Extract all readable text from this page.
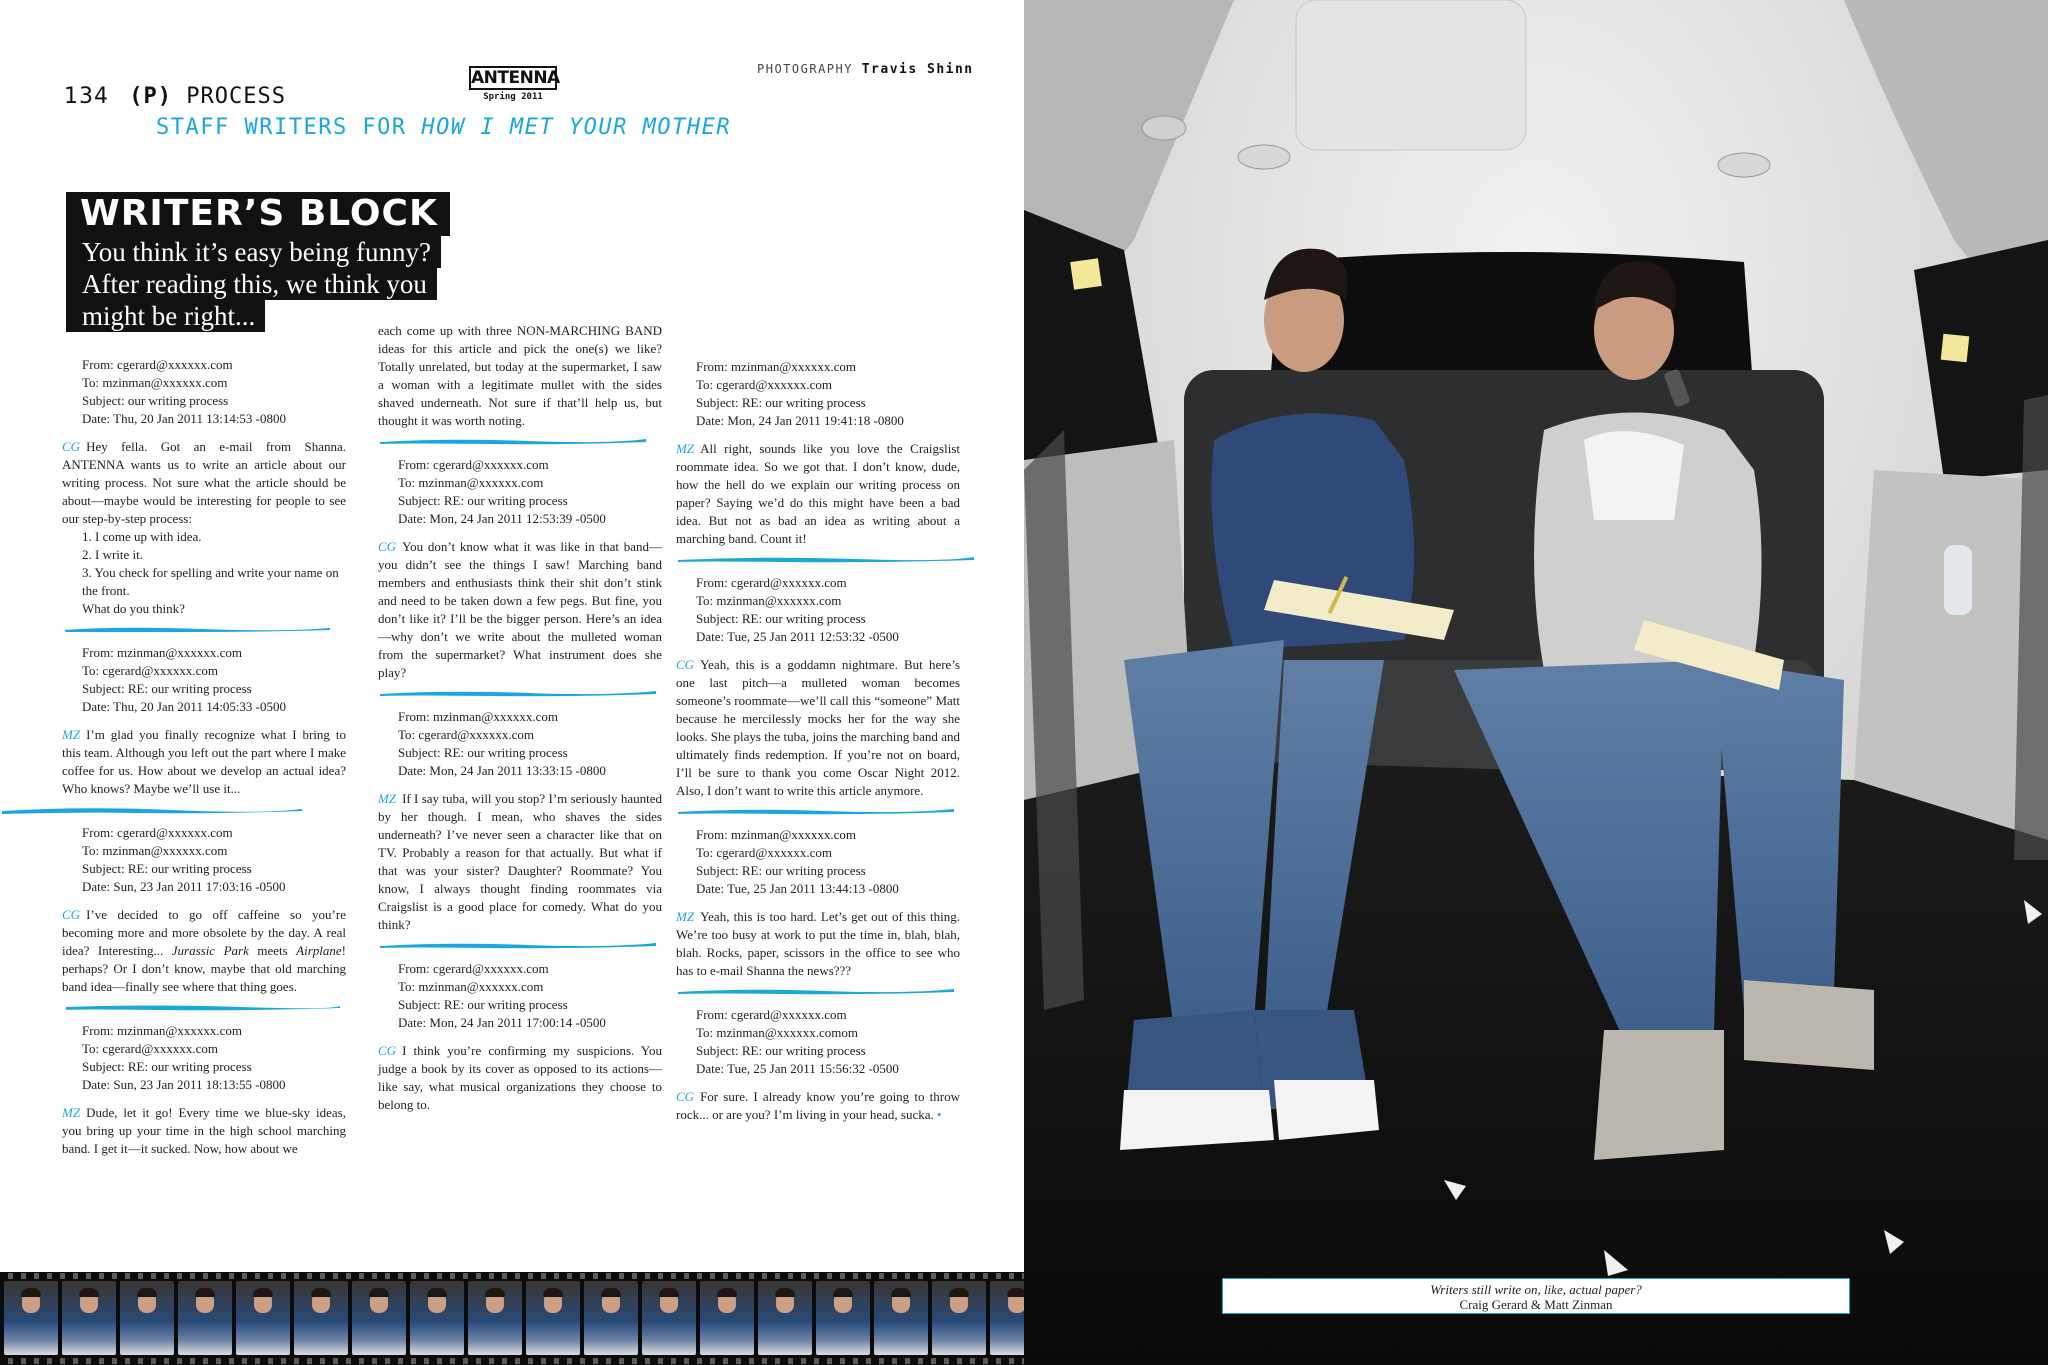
134 (P) PROCESS
STAFF WRITERS FOR HOW I MET YOUR MOTHER
ANTENNA
Spring 2011
PHOTOGRAPHY Travis Shinn
WRITER’S BLOCK
You think it’s easy being funny?
After reading this, we think you
might be right...
From: cgerard@xxxxxx.com
To: mzinman@xxxxxx.com
Subject: our writing process
Date: Thu, 20 Jan 2011 13:14:53 -0800
CG Hey fella. Got an e-mail from Shanna. ANTENNA wants us to write an article about our writing process. Not sure what the article should be about—maybe would be interesting for people to see our step-by-step process:
1. I come up with idea.
2. I write it.
3. You check for spelling and write your name on the front.
What do you think?
From: mzinman@xxxxxx.com
To: cgerard@xxxxxx.com
Subject: RE: our writing process
Date: Thu, 20 Jan 2011 14:05:33 -0500
MZ I’m glad you finally recognize what I bring to this team. Although you left out the part where I make coffee for us. How about we develop an actual idea? Who knows? Maybe we’ll use it...
From: cgerard@xxxxxx.com
To: mzinman@xxxxxx.com
Subject: RE: our writing process
Date: Sun, 23 Jan 2011 17:03:16 -0500
CG I’ve decided to go off caffeine so you’re becoming more and more obsolete by the day. A real idea? Interesting... Jurassic Park meets Airplane! perhaps? Or I don’t know, maybe that old marching band idea—finally see where that thing goes.
From: mzinman@xxxxxx.com
To: cgerard@xxxxxx.com
Subject: RE: our writing process
Date: Sun, 23 Jan 2011 18:13:55 -0800
MZ Dude, let it go! Every time we blue-sky ideas, you bring up your time in the high school marching band. I get it—it sucked. Now, how about we
each come up with three NON-MARCHING BAND ideas for this article and pick the one(s) we like? Totally unrelated, but today at the supermarket, I saw a woman with a legitimate mullet with the sides shaved underneath. Not sure if that’ll help us, but thought it was worth noting.
From: cgerard@xxxxxx.com
To: mzinman@xxxxxx.com
Subject: RE: our writing process
Date: Mon, 24 Jan 2011 12:53:39 -0500
CG You don’t know what it was like in that band—you didn’t see the things I saw! Marching band members and enthusiasts think their shit don’t stink and need to be taken down a few pegs. But fine, you don’t like it? I’ll be the bigger person. Here’s an idea—why don’t we write about the mulleted woman from the supermarket? What instrument does she play?
From: mzinman@xxxxxx.com
To: cgerard@xxxxxx.com
Subject: RE: our writing process
Date: Mon, 24 Jan 2011 13:33:15 -0800
MZ If I say tuba, will you stop? I’m seriously haunted by her though. I mean, who shaves the sides underneath? I’ve never seen a character like that on TV. Probably a reason for that actually. But what if that was your sister? Daughter? Roommate? You know, I always thought finding roommates via Craigslist is a good place for comedy. What do you think?
From: cgerard@xxxxxx.com
To: mzinman@xxxxxx.com
Subject: RE: our writing process
Date: Mon, 24 Jan 2011 17:00:14 -0500
CG I think you’re confirming my suspicions. You judge a book by its cover as opposed to its actions—like say, what musical organizations they choose to belong to.
From: mzinman@xxxxxx.com
To: cgerard@xxxxxx.com
Subject: RE: our writing process
Date: Mon, 24 Jan 2011 19:41:18 -0800
MZ All right, sounds like you love the Craigslist roommate idea. So we got that. I don’t know, dude, how the hell do we explain our writing process on paper? Saying we’d do this might have been a bad idea. But not as bad an idea as writing about a marching band. Count it!
From: cgerard@xxxxxx.com
To: mzinman@xxxxxx.com
Subject: RE: our writing process
Date: Tue, 25 Jan 2011 12:53:32 -0500
CG Yeah, this is a goddamn nightmare. But here’s one last pitch—a mulleted woman becomes someone’s roommate—we’ll call this “someone” Matt because he mercilessly mocks her for the way she looks. She plays the tuba, joins the marching band and ultimately finds redemption. If you’re not on board, I’ll be sure to thank you come Oscar Night 2012. Also, I don’t want to write this article anymore.
From: mzinman@xxxxxx.com
To: cgerard@xxxxxx.com
Subject: RE: our writing process
Date: Tue, 25 Jan 2011 13:44:13 -0800
MZ Yeah, this is too hard. Let’s get out of this thing. We’re too busy at work to put the time in, blah, blah, blah. Rocks, paper, scissors in the office to see who has to e-mail Shanna the news???
From: cgerard@xxxxxx.com
To: mzinman@xxxxxx.comom
Subject: RE: our writing process
Date: Tue, 25 Jan 2011 15:56:32 -0500
CG For sure. I already know you’re going to throw rock... or are you? I’m living in your head, sucka. •
Writers still write on, like, actual paper?
Craig Gerard & Matt Zinman
